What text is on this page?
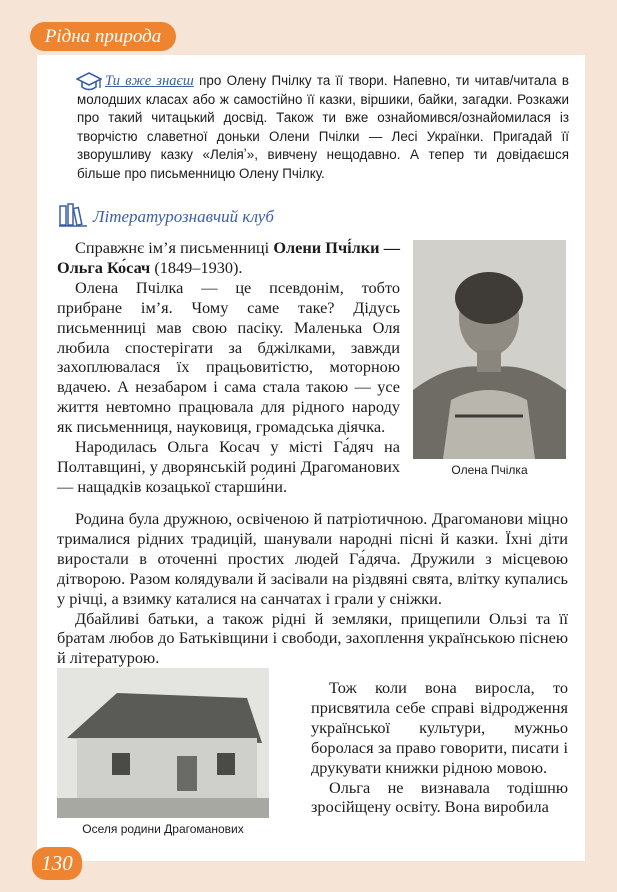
Рідна природа

Ти вже знаєш про Олену Пчілку та її твори. Напевно, ти читав/читала в молодших класах або ж самостійно її казки, віршики, байки, загадки. Розкажи про такий читацький досвід. Також ти вже ознайомився/ознайомилася із творчістю славетної доньки Олени Пчілки — Лесі Українки. Пригадай її зворушливу казку «Леліяʼ», вивчену нещодавно. А тепер ти довідаєшся більше про письменницю Олену Пчілку.

Літературознавчий клуб

Справжнє ім’я письменниці Олени Пчі́лки — Ольга Ко́сач (1849–1930).

Олена Пчілка — це псевдонім, тобто прибране ім’я. Чому саме таке? Дідусь письменниці мав свою пасіку. Маленька Оля любила спостерігати за бджілками, завжди захоплювалася їх працьовитістю, моторною вдачею. А незабаром і сама стала такою — усе життя невтомно працювала для рідного народу як письменниця, науковиця, громадська діячка.

Народилась Ольга Косач у місті Га́дяч на Полтавщині, у дворянській родині Драгоманових — нащадків козацької старши́ни.

Олена Пчілка

Родина була дружною, освіченою й патріотичною. Драгоманови міцно трималися рідних традицій, шанували народні пісні й казки. Їхні діти виростали в оточенні простих людей Га́дяча. Дружили з місцевою дітворою. Разом колядували й засівали на різдвяні свята, влітку купались у річці, а взимку каталися на санчатах і грали у сніжки.

Дбайливі батьки, а також рідні й земляки, прищепили Ользі та її братам любов до Батьківщини і свободи, захоплення українською піснею й літературою.

Оселя родини Драгоманових

Тож коли вона виросла, то присвятила себе справі відродження української культури, мужньо боролася за право говорити, писати і друкувати книжки рідною мовою.

Ольга не визнавала тодішню зросійщену освіту. Вона виробила

130
